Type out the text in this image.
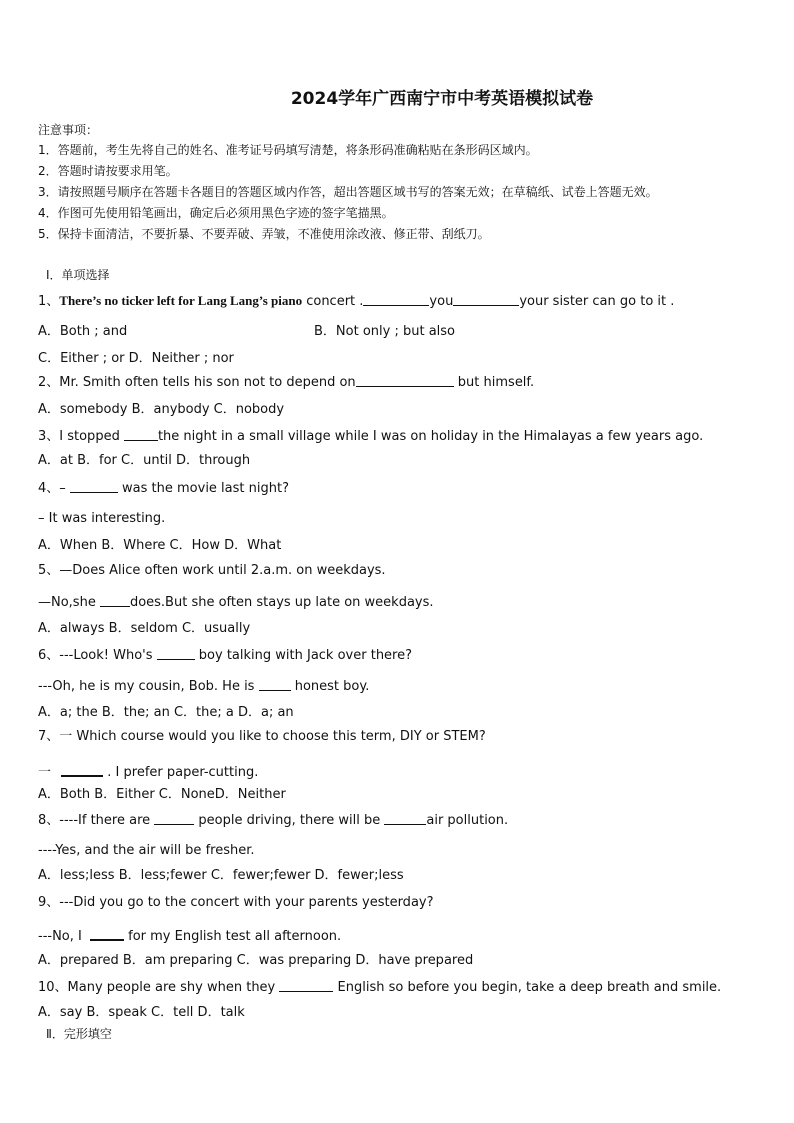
2024学年广西南宁市中考英语模拟试卷
注意事项：
1．答题前，考生先将自己的姓名、准考证号码填写清楚，将条形码准确粘贴在条形码区域内。
2．答题时请按要求用笔。
3．请按照题号顺序在答题卡各题目的答题区域内作答，超出答题区域书写的答案无效；在草稿纸、试卷上答题无效。
4．作图可先使用铅笔画出，确定后必须用黑色字迹的签字笔描黑。
5．保持卡面清洁，不要折暴、不要弄破、弄皱，不准使用涂改液、修正带、刮纸刀。
Ⅰ．单项选择
1、There’s no ticker left for Lang Lang’s piano concert .	you	your sister can go to it .
A．Both ; and	B．Not only ; but also
C．Either ; or D．Neither ; nor
2、Mr. Smith often tells his son not to depend on	but himself.
A．somebody B．anybody C．nobody
3、I stopped	the night in a small village while I was on holiday in the Himalayas a few years ago.
A．at B．for C．until D．through
4、–	was the movie last night?
– It was interesting.
A．When B．Where C．How D．What
5、—Does Alice often work until 2.a.m. on weekdays.
—No,she does.But she often stays up late on weekdays.
A．always B．seldom C．usually
6、---Look! Who's	boy talking with Jack over there?
---Oh, he is my cousin, Bob. He is  honest boy.
A．a; the B．the; an C．the; a D．a; an
7、一 Which course would you like to choose this term, DIY or STEM?
一	. I prefer paper-cutting.
A．Both B．Either C．NoneD．Neither
8、----If there are	people driving, there will be	air pollution.
----Yes, and the air will be fresher.
A．less;less B．less;fewer C．fewer;fewer D．fewer;less
9、---Did you go to the concert with your parents yesterday?
---No, I	for my English test all afternoon.
A．prepared B．am preparing C．was preparing D．have prepared
10、Many people are shy when they	English so before you begin, take a deep breath and smile.
A．say B．speak C．tell D．talk
Ⅱ．完形填空
